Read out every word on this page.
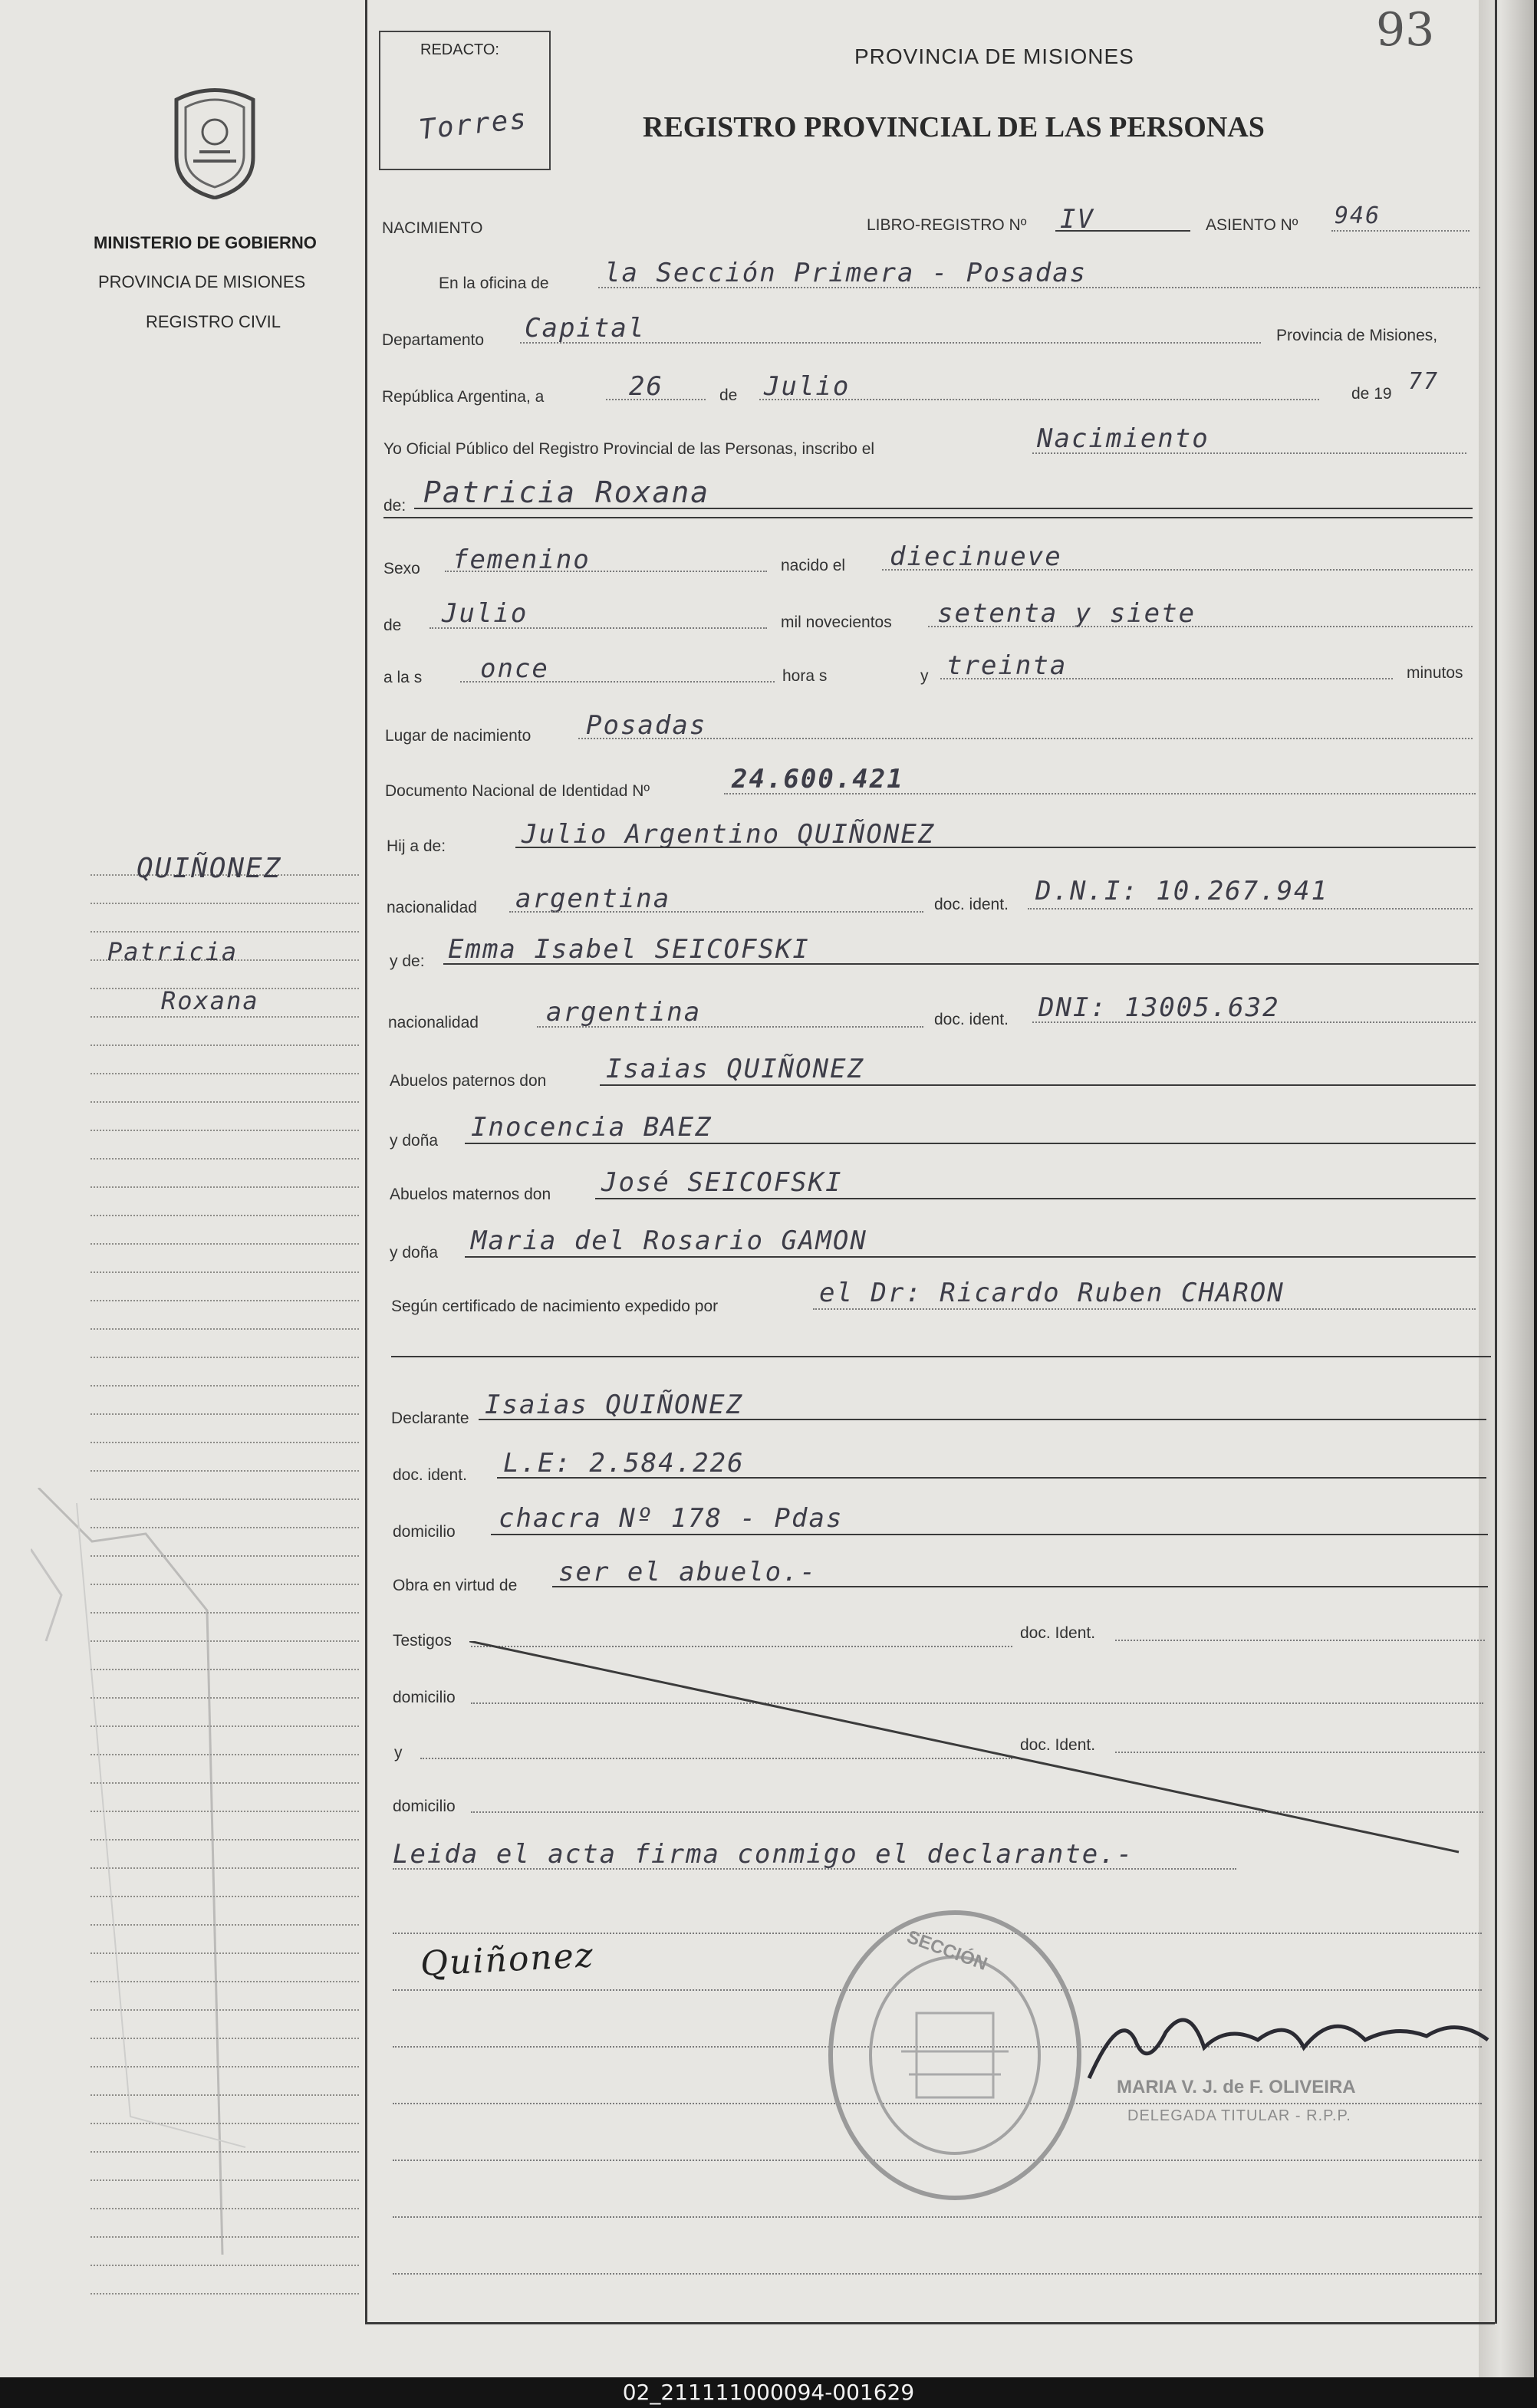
93
MINISTERIO DE GOBIERNO
PROVINCIA DE MISIONES
REGISTRO CIVIL
QUIÑONEZ
Patricia
Roxana
REDACTO:
Torres
PROVINCIA DE MISIONES
REGISTRO PROVINCIAL DE LAS PERSONAS
NACIMIENTO	LIBRO-REGISTRO Nº IV	ASIENTO Nº 946
En la oficina de la Sección Primera - Posadas
Departamento Capital	Provincia de Misiones,
República Argentina, a	26	de Julio	de 19 77
Yo Oficial Público del Registro Provincial de las Personas, inscribo el	Nacimiento
de: Patricia Roxana
Sexo femenino	nacido el diecinueve
de Julio	mil novecientos setenta y siete
a la s once	hora s	y treinta	minutos
Lugar de nacimiento Posadas
Documento Nacional de Identidad Nº	24.600.421
Hij a de:	Julio Argentino QUIÑONEZ
nacionalidad argentina	doc. ident. D.N.I: 10.267.941
y de: Emma Isabel SEICOFSKI
nacionalidad	argentina	doc. ident. DNI: 13005.632
Abuelos paternos don Isaias QUIÑONEZ
y doña Inocencia BAEZ
Abuelos maternos don José SEICOFSKI
y doña Maria del Rosario GAMON
Según certificado de nacimiento expedido por	el Dr: Ricardo Ruben CHARON
Declarante Isaias QUIÑONEZ
doc. ident. L.E: 2.584.226
domicilio chacra Nº 178 - Pdas
Obra en virtud de ser el abuelo.-
Testigos	doc. Ident.
domicilio
y	doc. Ident.
domicilio
Leida el acta firma conmigo el declarante.-
Quiñonez	SECCIÓN
MARIA V. J. de F. OLIVEIRA
DELEGADA TITULAR - R.P.P.
02_211111000094-001629
